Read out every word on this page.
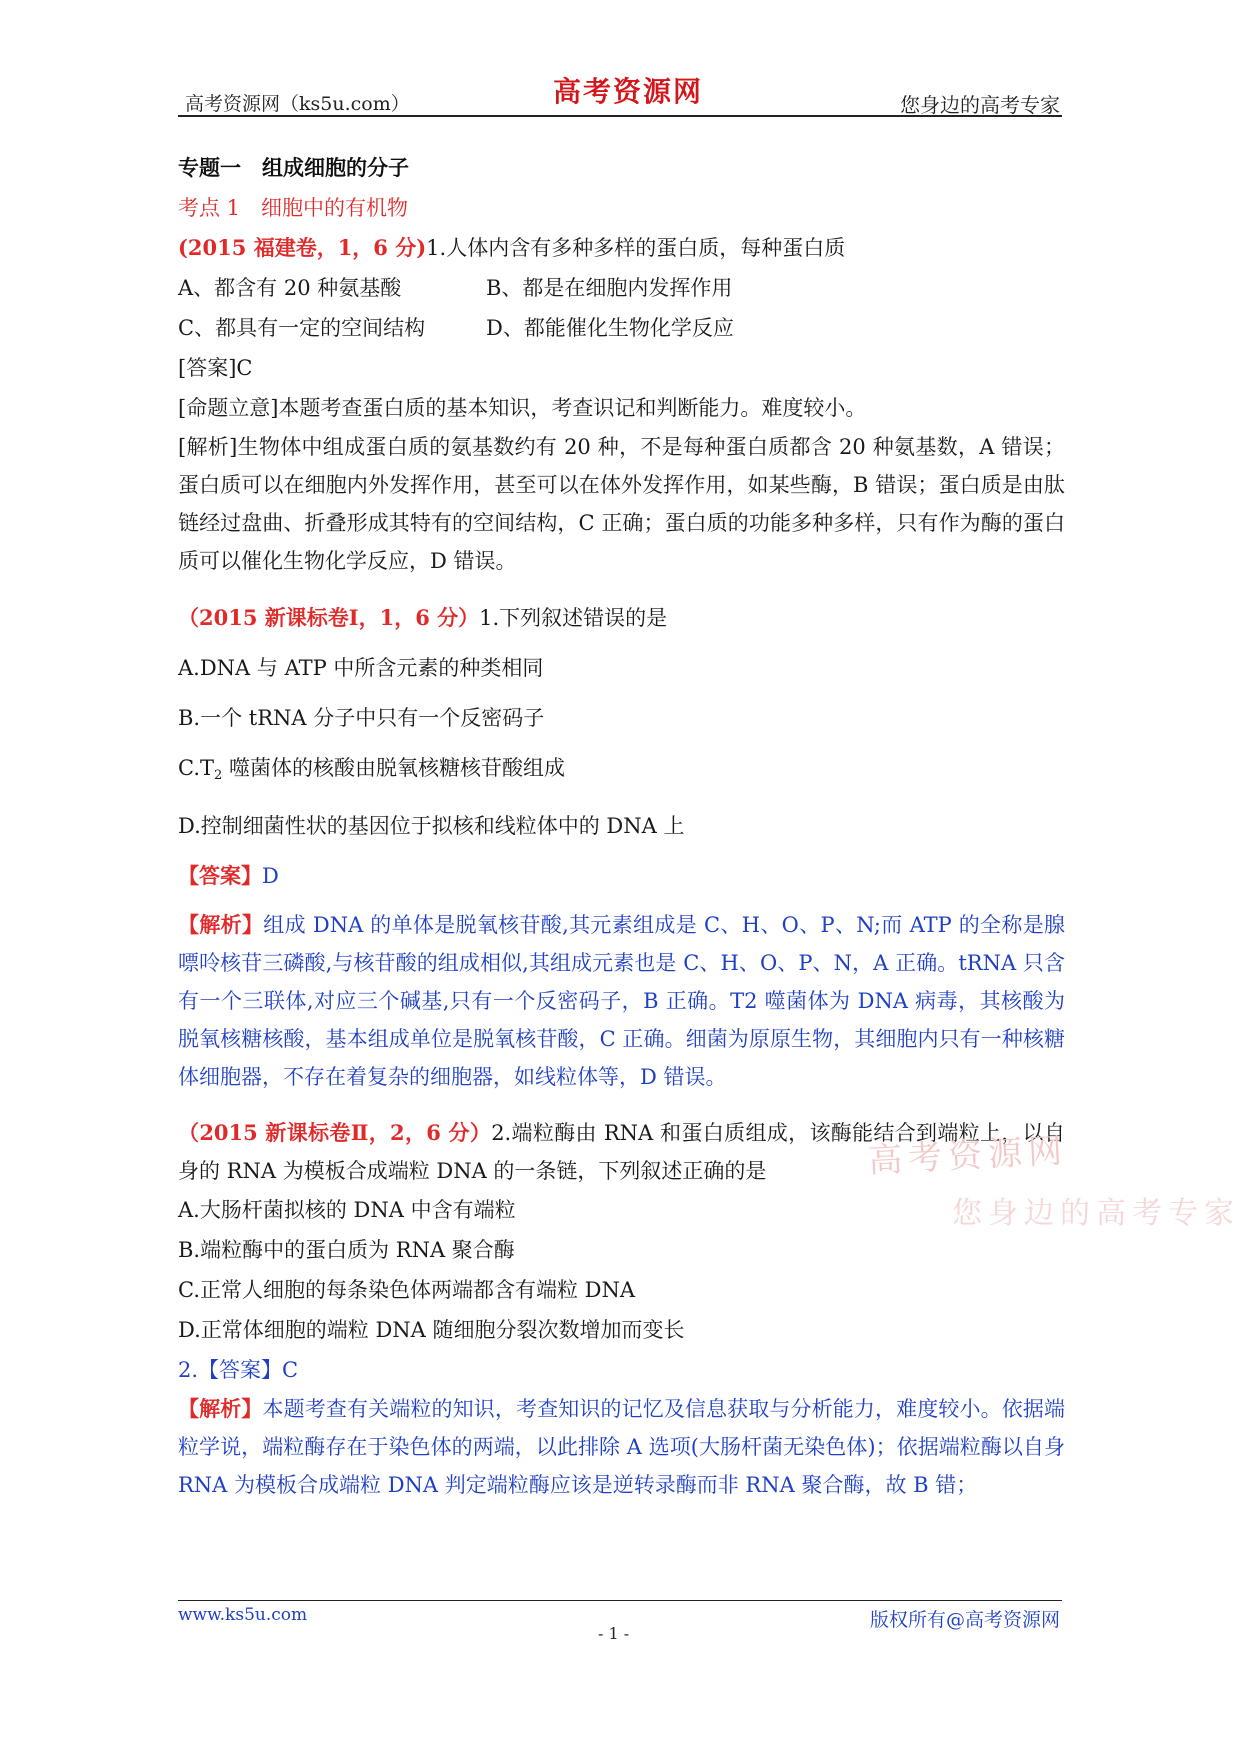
高考资源网（ks5u.com）	高考资源网	您身边的高考专家
专题一　组成细胞的分子
考点 1　细胞中的有机物
(2015 福建卷，1，6 分)1.人体内含有多种多样的蛋白质，每种蛋白质
A、都含有 20 种氨基酸	B、都是在细胞内发挥作用
C、都具有一定的空间结构	D、都能催化生物化学反应
[答案]C
[命题立意]本题考查蛋白质的基本知识，考查识记和判断能力。难度较小。

[解析]生物体中组成蛋白质的氨基数约有 20 种，不是每种蛋白质都含 20 种氨基数，A 错误；蛋白质可以在细胞内外发挥作用，甚至可以在体外发挥作用，如某些酶，B 错误；蛋白质是由肽链经过盘曲、折叠形成其特有的空间结构，C 正确；蛋白质的功能多种多样，只有作为酶的蛋白质可以催化生物化学反应，D 错误。

（2015 新课标卷Ⅰ，1，6 分）1.下列叙述错误的是
A.DNA 与 ATP 中所含元素的种类相同
B.一个 tRNA 分子中只有一个反密码子
$C.T_2$ 噬菌体的核酸由脱氧核糖核苷酸组成
D.控制细菌性状的基因位于拟核和线粒体中的 DNA 上
【答案】D

【解析】组成 DNA 的单体是脱氧核苷酸,其元素组成是 C、H、O、P、N;而 ATP 的全称是腺嘌呤核苷三磷酸,与核苷酸的组成相似,其组成元素也是 C、H、O、P、N，A 正确。tRNA 只含有一个三联体,对应三个碱基,只有一个反密码子，B 正确。T2 噬菌体为 DNA 病毒，其核酸为脱氧核糖核酸，基本组成单位是脱氧核苷酸，C 正确。细菌为原原生物，其细胞内只有一种核糖体细胞器，不存在着复杂的细胞器，如线粒体等，D 错误。

（2015 新课标卷Ⅱ，2，6 分）2.端粒酶由 RNA 和蛋白质组成，该酶能结合到端粒上，以自身的 RNA 为模板合成端粒 DNA 的一条链，下列叙述正确的是

A.大肠杆菌拟核的 DNA 中含有端粒
B.端粒酶中的蛋白质为 RNA 聚合酶
C.正常人细胞的每条染色体两端都含有端粒 DNA
D.正常体细胞的端粒 DNA 随细胞分裂次数增加而变长
2.【答案】C

【解析】本题考查有关端粒的知识，考查知识的记忆及信息获取与分析能力，难度较小。依据端粒学说，端粒酶存在于染色体的两端，以此排除 A 选项(大肠杆菌无染色体)；依据端粒酶以自身 RNA 为模板合成端粒 DNA 判定端粒酶应该是逆转录酶而非 RNA 聚合酶，故 B 错；

高考资源网
您身边的高考专家
www.ks5u.com
- 1 -
版权所有@高考资源网
